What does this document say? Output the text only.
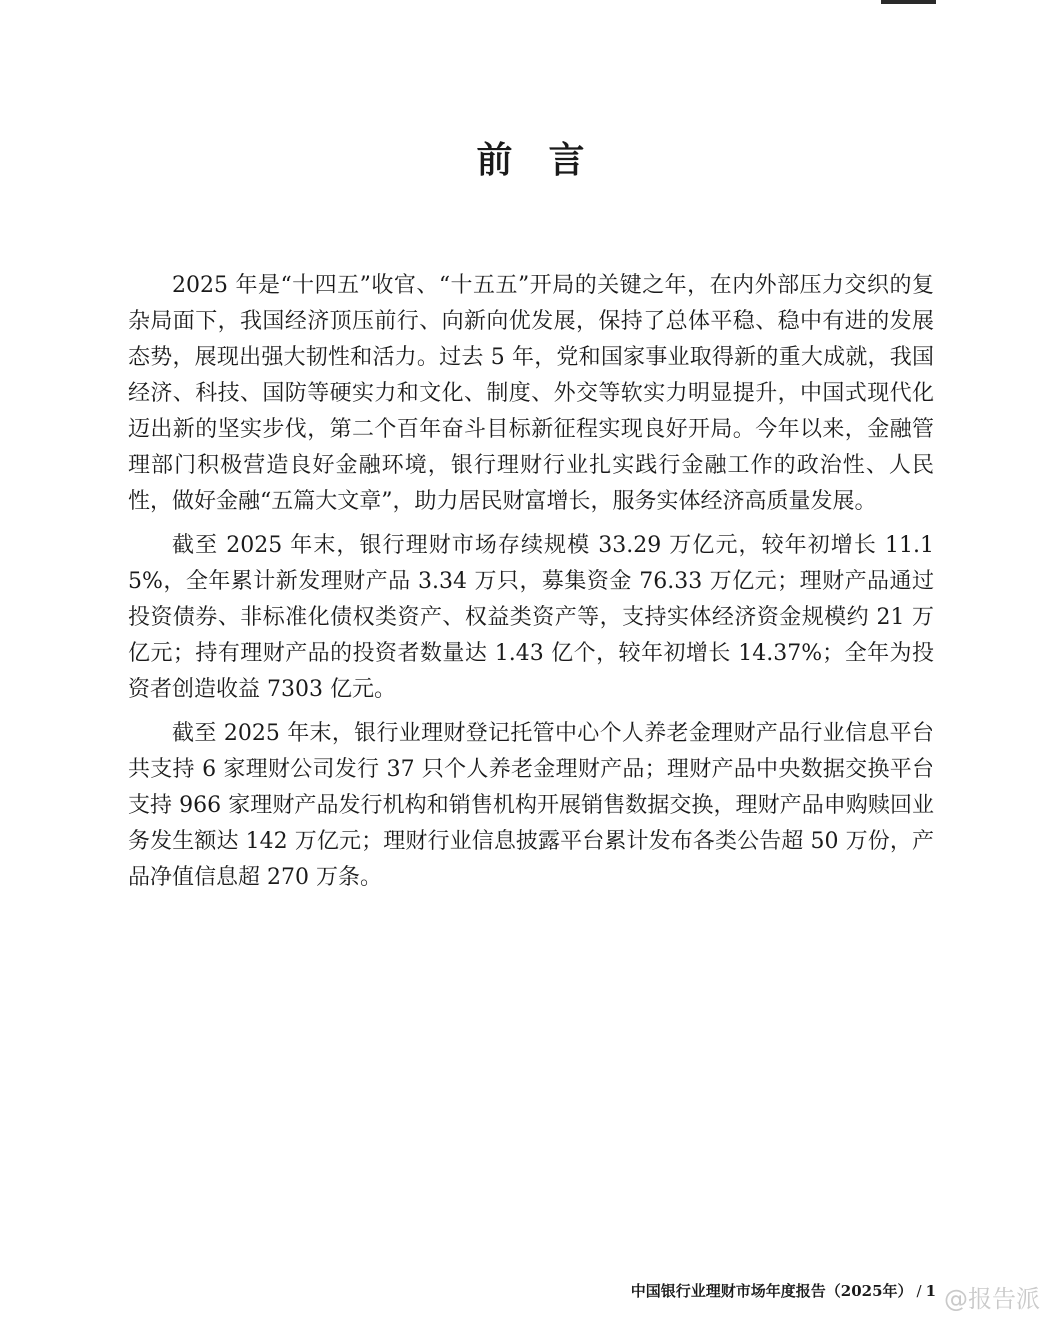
前言

2025 年是“十四五”收官、“十五五”开局的关键之年，在内外部压力交织的复杂局面下，我国经济顶压前行、向新向优发展，保持了总体平稳、稳中有进的发展态势，展现出强大韧性和活力。过去 5 年，党和国家事业取得新的重大成就，我国经济、科技、国防等硬实力和文化、制度、外交等软实力明显提升，中国式现代化迈出新的坚实步伐，第二个百年奋斗目标新征程实现良好开局。今年以来，金融管理部门积极营造良好金融环境，银行理财行业扎实践行金融工作的政治性、人民性，做好金融“五篇大文章”，助力居民财富增长，服务实体经济高质量发展。

截至 2025 年末，银行理财市场存续规模 33.29 万亿元，较年初增长 11.15%，全年累计新发理财产品 3.34 万只，募集资金 76.33 万亿元；理财产品通过投资债券、非标准化债权类资产、权益类资产等，支持实体经济资金规模约 21 万亿元；持有理财产品的投资者数量达 1.43 亿个，较年初增长 14.37%；全年为投资者创造收益 7303 亿元。

截至 2025 年末，银行业理财登记托管中心个人养老金理财产品行业信息平台共支持 6 家理财公司发行 37 只个人养老金理财产品；理财产品中央数据交换平台支持 966 家理财产品发行机构和销售机构开展销售数据交换，理财产品申购赎回业务发生额达 142 万亿元；理财行业信息披露平台累计发布各类公告超 50 万份，产品净值信息超 270 万条。

中国银行业理财市场年度报告（2025年） / 1 @报告派
